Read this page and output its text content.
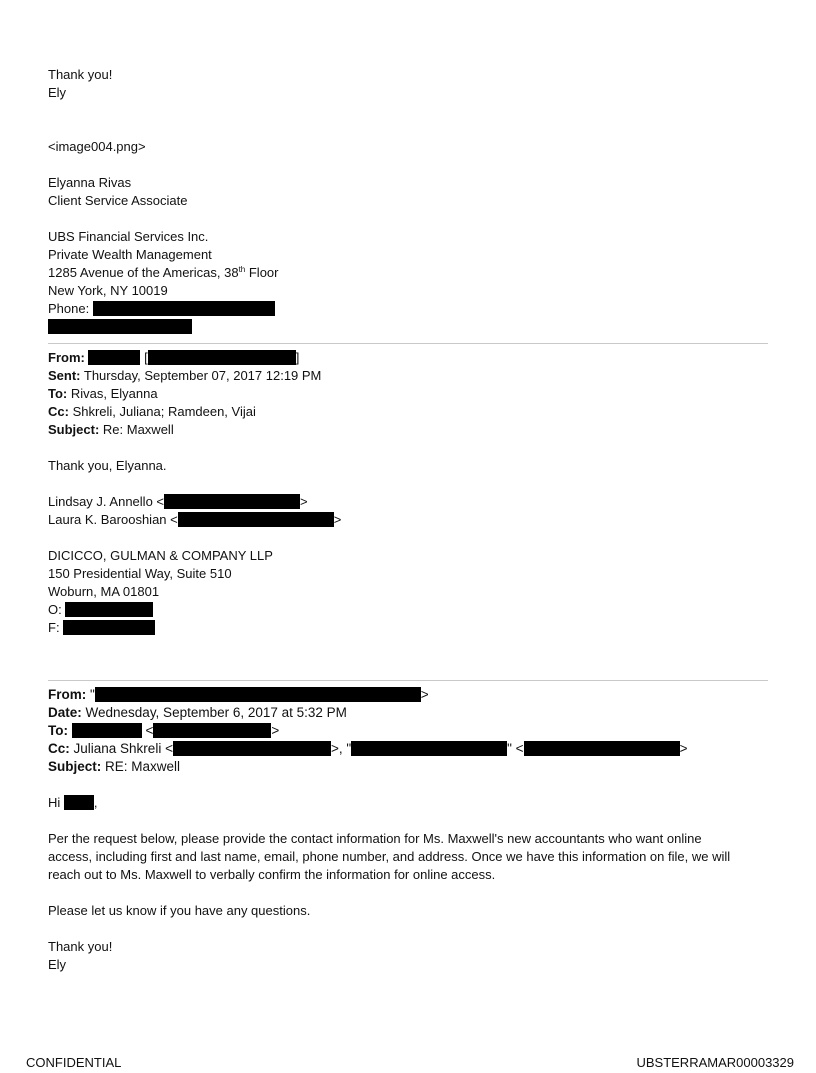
Thank you!
Ely
<image004.png>
Elyanna Rivas
Client Service Associate
UBS Financial Services Inc.
Private Wealth Management
1285 Avenue of the Americas, 38th Floor
New York, NY 10019
Phone:
From:	[	]
Sent: Thursday, September 07, 2017 12:19 PM
To: Rivas, Elyanna
Cc: Shkreli, Juliana; Ramdeen, Vijai
Subject: Re: Maxwell
Thank you, Elyanna.
Lindsay J. Annello <	>
Laura K. Barooshian <	>
DICICCO, GULMAN & COMPANY LLP
150 Presidential Way, Suite 510
Woburn, MA 01801
O:
F:
From: "	>
Date: Wednesday, September 6, 2017 at 5:32 PM
To:	<	>
Cc: Juliana Shkreli <	>, "	" <	>
Subject: RE: Maxwell
Hi ,
Per the request below, please provide the contact information for Ms. Maxwell's new accountants who want online
access, including first and last name, email, phone number, and address. Once we have this information on file, we will
reach out to Ms. Maxwell to verbally confirm the information for online access.
Please let us know if you have any questions.
Thank you!
Ely
CONFIDENTIAL	UBSTERRAMAR00003329
